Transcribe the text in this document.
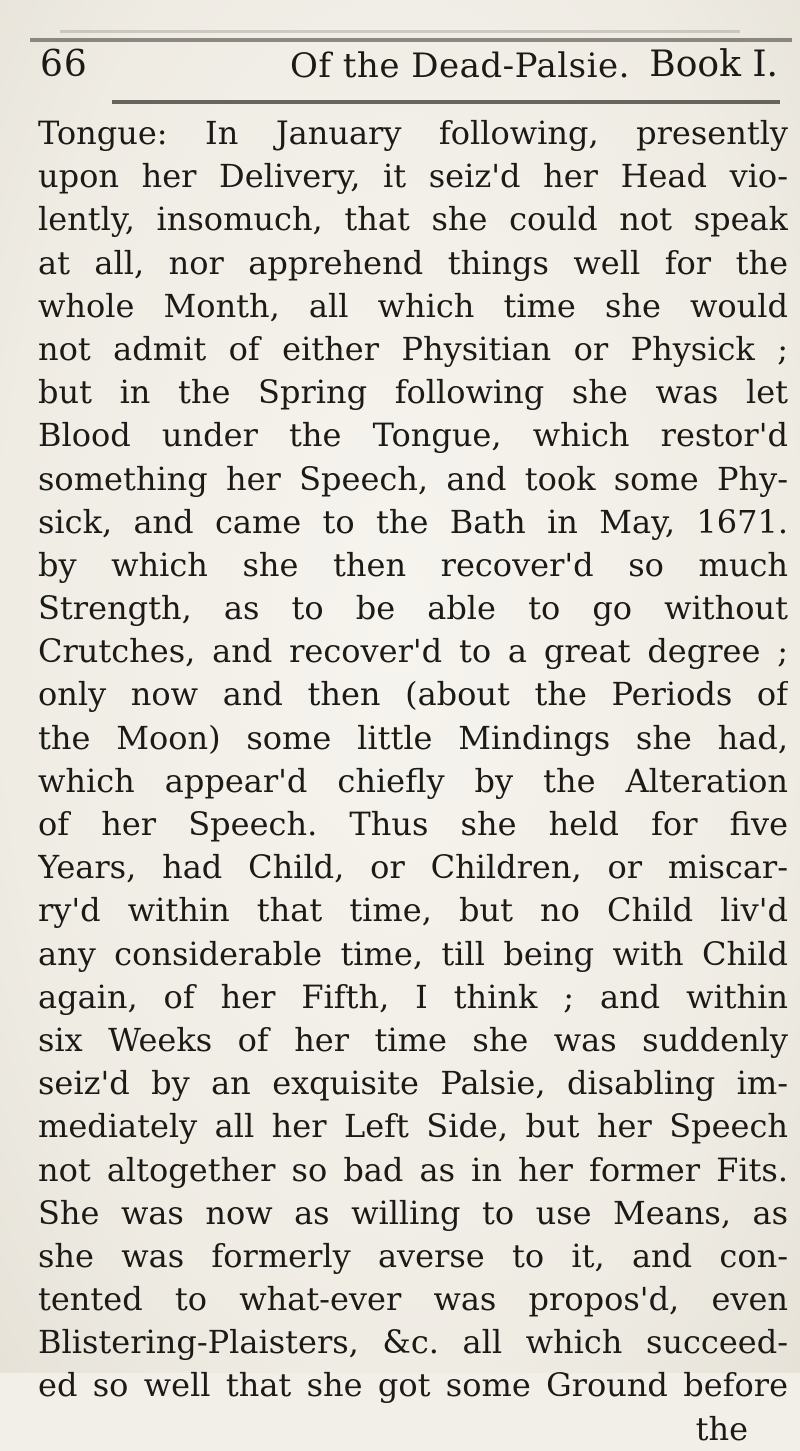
66	Of the Dead-Palsie. Book I.
Tongue: In January following, presently
upon her Delivery, it seiz'd her Head vio-
lently, insomuch, that she could not speak
at all, nor apprehend things well for the
whole Month, all which time she would
not admit of either Physitian or Physick ;
but in the Spring following she was let
Blood under the Tongue, which restor'd
something her Speech, and took some Phy-
sick, and came to the Bath in May, 1671.
by which she then recover'd so much
Strength, as to be able to go without
Crutches, and recover'd to a great degree ;
only now and then (about the Periods of
the Moon) some little Mindings she had,
which appear'd chiefly by the Alteration
of her Speech. Thus she held for five
Years, had Child, or Children, or miscar-
ry'd within that time, but no Child liv'd
any considerable time, till being with Child
again, of her Fifth, I think ; and within
six Weeks of her time she was suddenly
seiz'd by an exquisite Palsie, disabling im-
mediately all her Left Side, but her Speech
not altogether so bad as in her former Fits.
She was now as willing to use Means, as
she was formerly averse to it, and con-
tented to what-ever was propos'd, even
Blistering-Plaisters, &c. all which succeed-
ed so well that she got some Ground before
the
